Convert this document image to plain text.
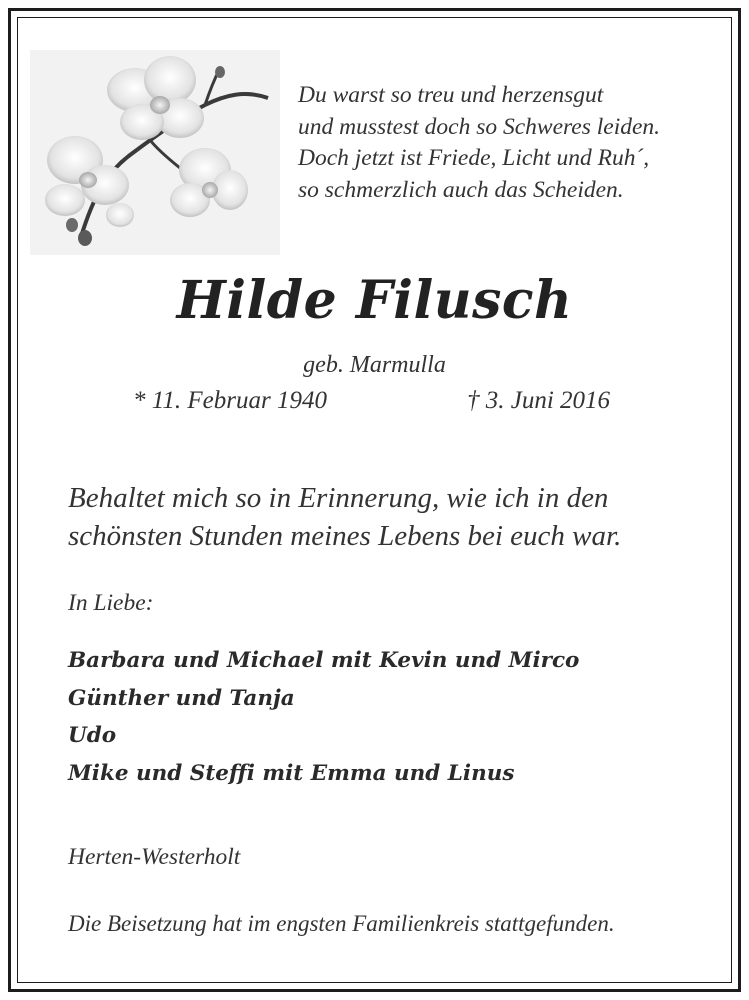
Du warst so treu und herzensgut
und musstest doch so Schweres leiden.
Doch jetzt ist Friede, Licht und Ruh´,
so schmerzlich auch das Scheiden.
Hilde Filusch
geb. Marmulla
* 11. Februar 1940	† 3. Juni 2016
Behaltet mich so in Erinnerung, wie ich in den
schönsten Stunden meines Lebens bei euch war.
In Liebe:
Barbara und Michael mit Kevin und Mirco
Günther und Tanja
Udo
Mike und Steffi mit Emma und Linus
Herten-Westerholt
Die Beisetzung hat im engsten Familienkreis stattgefunden.
